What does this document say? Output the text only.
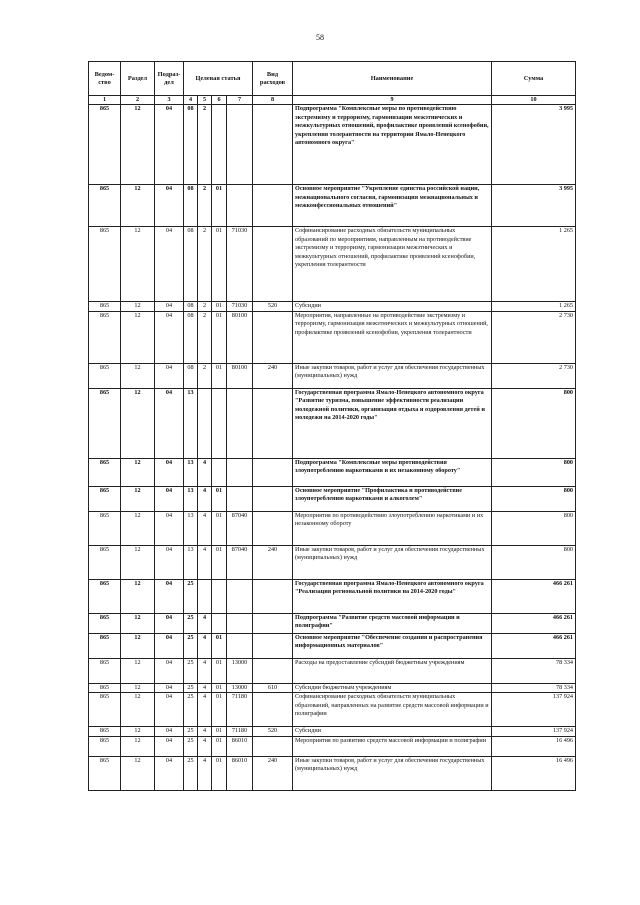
58
Ведом-ство	Раздел	Подраз-дел	Целевая статья				Вид расходов	Наименование	Сумма
1	2	3	4	5	6	7	8	9	10
865	12	04	08	2				Подпрограмма "Комплексные меры по противодействию экстремизму и терроризму, гармонизации межэтнических и межкультурных отношений, профилактике проявлений ксенофобии, укрепления толерантности на территории Ямало-Ненецкого автономного округа"	3 995
865	12	04	08	2	01			Основное мероприятие "Укрепление единства российской нации, межнационального согласия, гармонизация межнациональных и межконфессиональных отношений"	3 995
865	12	04	08	2	01	71030		Софинансирование расходных обязательств муниципальных образований по мероприятиям, направленным на противодействие экстремизму и терроризму, гармонизации межэтнических и межкультурных отношений, профилактике проявлений ксенофобии, укрепления толерантности	1 265
865	12	04	08	2	01	71030	520	Субсидии	1 265
865	12	04	08	2	01	80100		Мероприятия, направленные на противодействие экстремизму и терроризму, гармонизация межэтнических и межкультурных отношений, профилактике проявлений ксенофобии, укрепления толерантности	2 730
865	12	04	08	2	01	80100	240	Иные закупки товаров, работ и услуг для обеспечения государственных (муниципальных) нужд	2 730
865	12	04	13					Государственная программа Ямало-Ненецкого автономного округа "Развитие туризма, повышение эффективности реализации молодежной политики, организация отдыха и оздоровления детей и молодежи на 2014-2020 годы"	800
865	12	04	13	4				Подпрограмма "Комплексные меры противодействия злоупотреблению наркотиками и их незаконному обороту"	800
865	12	04	13	4	01			Основное мероприятие "Профилактика и противодействие злоупотреблению наркотиками и алкоголем"	800
865	12	04	13	4	01	87040		Мероприятия по противодействию злоупотреблению наркотиками и их незаконному обороту	800
865	12	04	13	4	01	87040	240	Иные закупки товаров, работ и услуг для обеспечения государственных (муниципальных) нужд	800
865	12	04	25					Государственная программа Ямало-Ненецкого автономного округа "Реализация региональной политики на 2014-2020 годы"	466 261
865	12	04	25	4				Подпрограмма "Развитие средств массовой информации и полиграфии"	466 261
865	12	04	25	4	01			Основное мероприятие "Обеспечение создания и распространения информационных материалов"	466 261
865	12	04	25	4	01	13000		Расходы на предоставление субсидий бюджетным учреждениям	78 334
865	12	04	25	4	01	13000	610	Субсидии бюджетным учреждениям	78 334
865	12	04	25	4	01	71180		Софинансирование расходных обязательств муниципальных образований, направленных на развитие средств массовой информации и полиграфии	137 924
865	12	04	25	4	01	71180	520	Субсидии	137 924
865	12	04	25	4	01	86010		Мероприятия по развитию средств массовой информации и полиграфии	16 496
865	12	04	25	4	01	86010	240	Иные закупки товаров, работ и услуг для обеспечения государственных (муниципальных) нужд	16 496
